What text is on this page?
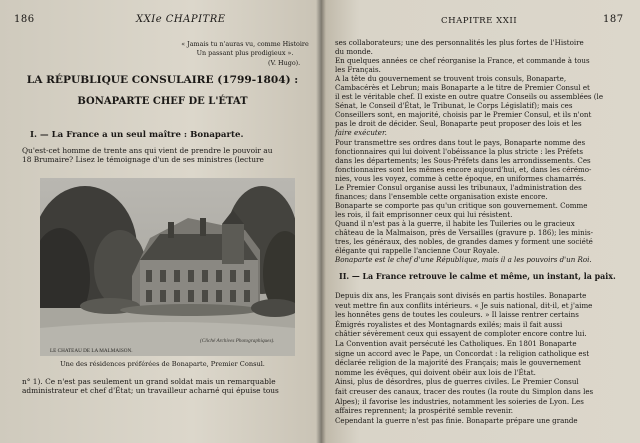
186	XXIe CHAPITRE
« Jamais tu n'auras vu, comme Histoire
Un passant plus prodigieux ».
(V. Hugo).
LA RÉPUBLIQUE CONSULAIRE (1799-1804) :
BONAPARTE CHEF DE L'ÉTAT
I. — La France a un seul maître : Bonaparte.
Qu'est-cet homme de trente ans qui vient de prendre le pouvoir au
18 Brumaire? Lisez le témoignage d'un de ses ministres (lecture
(Cliché Archives Photographiques).
LE CHATEAU DE LA MALMAISON.
Une des résidences préférées de Bonaparte, Premier Consul.
n° 1). Ce n'est pas seulement un grand soldat mais un remarquable
administrateur et chef d'État; un travailleur acharné qui épuise tous
CHAPITRE XXII	187
ses collaborateurs; une des personnalités les plus fortes de l'Histoire
du monde.
En quelques années ce chef réorganise la France, et commande à tous
les Français.
A la tête du gouvernement se trouvent trois consuls, Bonaparte,
Cambacérès et Lebrun; mais Bonaparte a le titre de Premier Consul et
il est le véritable chef. Il existe en outre quatre Conseils ou assemblées (le
Sénat, le Conseil d'État, le Tribunat, le Corps Législatif); mais ces
Conseillers sont, en majorité, choisis par le Premier Consul, et ils n'ont
pas le droit de décider. Seul, Bonaparte peut proposer des lois et les
faire exécuter.
Pour transmettre ses ordres dans tout le pays, Bonaparte nomme des
fonctionnaires qui lui doivent l'obéissance la plus stricte : les Préfets
dans les départements; les Sous-Préfets dans les arrondissements. Ces
fonctionnaires sont les mêmes encore aujourd'hui, et, dans les cérémo-
nies, vous les voyez, comme à cette époque, en uniformes chamarrés.
Le Premier Consul organise aussi les tribunaux, l'administration des
finances; dans l'ensemble cette organisation existe encore.
Bonaparte se comporte pas qu'un critique son gouvernement. Comme
les rois, il fait emprisonner ceux qui lui résistent.
Quand il n'est pas à la guerre, il habite les Tuileries ou le gracieux
château de la Malmaison, près de Versailles (gravure p. 186); les minis-
tres, les généraux, des nobles, de grandes dames y forment une société
élégante qui rappelle l'ancienne Cour Royale.
Bonaparte est le chef d'une République, mais il a les pouvoirs d'un Roi.
II. — La France retrouve le calme et même, un instant, la paix.
Depuis dix ans, les Français sont divisés en partis hostiles. Bonaparte
veut mettre fin aux conflits intérieurs. « Je suis national, dit-il, et j'aime
les honnêtes gens de toutes les couleurs. » Il laisse rentrer certains
Émigrés royalistes et des Montagnards exilés; mais il fait aussi
châtier sévèrement ceux qui essayent de comploter encore contre lui.
La Convention avait persécuté les Catholiques. En 1801 Bonaparte
signe un accord avec le Pape, un Concordat : la religion catholique est
déclarée religion de la majorité des Français; mais le gouvernement
nomme les évêques, qui doivent obéir aux lois de l'État.
Ainsi, plus de désordres, plus de guerres civiles. Le Premier Consul
fait creuser des canaux, tracer des routes (la route du Simplon dans les
Alpes); il favorise les industries, notamment les soieries de Lyon. Les
affaires reprennent; la prospérité semble revenir.
Cependant la guerre n'est pas finie. Bonaparte prépare une grande
